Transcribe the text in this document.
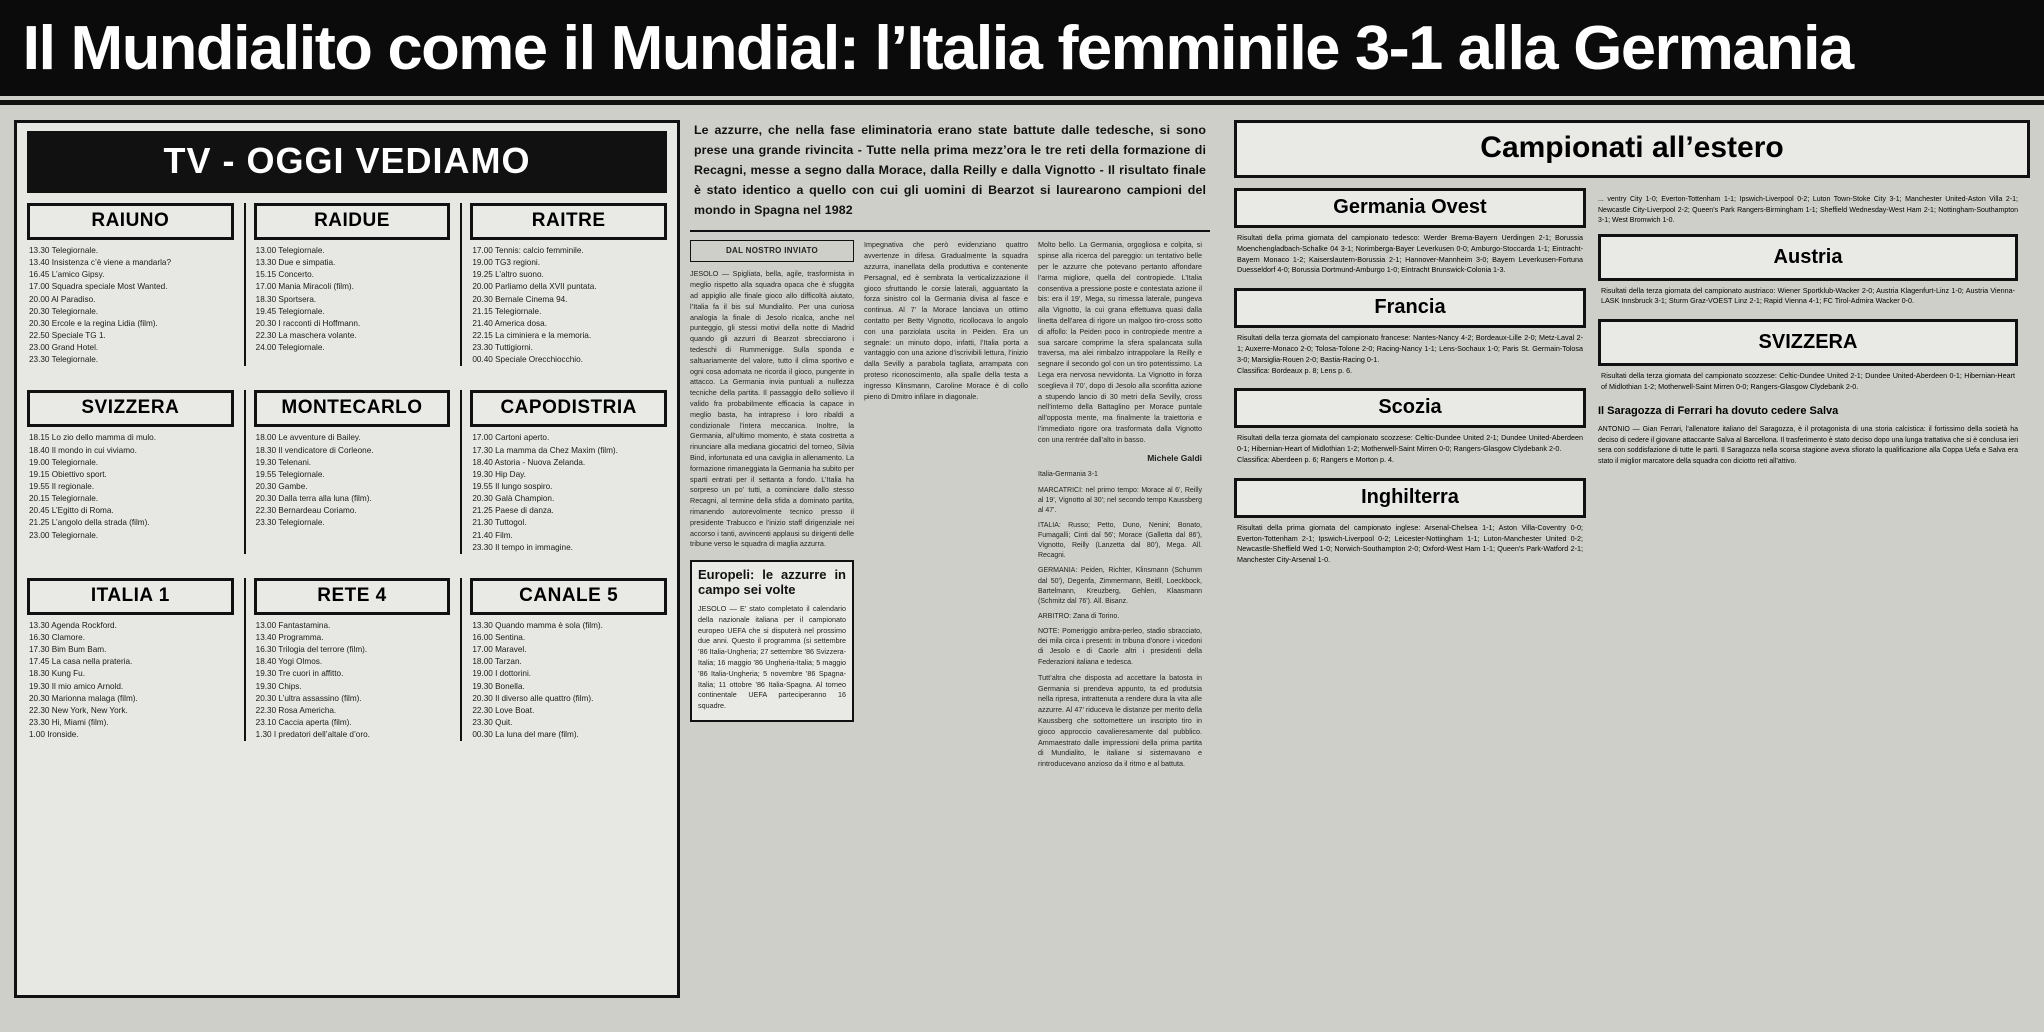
Il Mundialito come il Mundial: l’Italia femminile 3-1 alla Germania
TV - OGGI VEDIAMO
RAIUNO
13.30 Telegiornale.
13.40 Insistenza c’è viene a mandarla?
16.45 L’amico Gipsy.
17.00 Squadra speciale Most Wanted.
20.00 Al Paradiso.
20.30 Telegiornale.
20.30 Ercole e la regina Lidia (film).
22.50 Speciale TG 1.
23.00 Grand Hotel.
23.30 Telegiornale.
RAIDUE
13.00 Telegiornale.
13.30 Due e simpatia.
15.15 Concerto.
17.00 Mania Miracoli (film).
18.30 Sportsera.
19.45 Telegiornale.
20.30 I racconti di Hoffmann.
22.30 La maschera volante.
24.00 Telegiornale.
RAITRE
17.00 Tennis: calcio femminile.
19.00 TG3 regioni.
19.25 L’altro suono.
20.00 Parliamo della XVII puntata.
20.30 Bernale Cinema 94.
21.15 Telegiornale.
21.40 America dosa.
22.15 La ciminiera e la memoria.
23.30 Tuttigiorni.
00.40 Speciale Orecchiocchio.
SVIZZERA
18.15 Lo zio dello mamma di mulo.
18.40 Il mondo in cui viviamo.
19.00 Telegiornale.
19.15 Obiettivo sport.
19.55 Il regionale.
20.15 Telegiornale.
20.45 L’Egitto di Roma.
21.25 L’angolo della strada (film).
23.00 Telegiornale.
MONTECARLO
18.00 Le avventure di Bailey.
18.30 Il vendicatore di Corleone.
19.30 Telenani.
19.55 Telegiornale.
20.30 Gambe.
20.30 Dalla terra alla luna (film).
22.30 Bernardeau Coriamo.
23.30 Telegiornale.
CAPODISTRIA
17.00 Cartoni aperto.
17.30 La mamma da Chez Maxim (film).
18.40 Astoria - Nuova Zelanda.
19.30 Hip Day.
19.55 Il lungo sospiro.
20.30 Galà Champion.
21.25 Paese di danza.
21.30 Tuttogol.
21.40 Film.
23.30 Il tempo in immagine.
ITALIA 1
13.30 Agenda Rockford.
16.30 Clamore.
17.30 Bim Bum Bam.
17.45 La casa nella prateria.
18.30 Kung Fu.
19.30 Il mio amico Arnold.
20.30 Marionna malaga (film).
22.30 New York, New York.
23.30 Hi, Miami (film).
1.00 Ironside.
RETE 4
13.00 Fantastamina.
13.40 Programma.
16.30 Trilogia del terrore (film).
18.40 Yogi Olmos.
19.30 Tre cuori in affitto.
19.30 Chips.
20.30 L’ultra assassino (film).
22.30 Rosa Americha.
23.10 Caccia aperta (film).
1.30 I predatori dell’altale d’oro.
CANALE 5
13.30 Quando mamma è sola (film).
16.00 Sentina.
17.00 Maravel.
18.00 Tarzan.
19.00 I dottorini.
19.30 Bonella.
20.30 Il diverso alle quattro (film).
22.30 Love Boat.
23.30 Quit.
00.30 La luna del mare (film).
Le azzurre, che nella fase eliminatoria erano state battute dalle tedesche, si sono prese una grande rivincita - Tutte nella prima mezz’ora le tre reti della formazione di Recagni, messe a segno dalla Morace, dalla Reilly e dalla Vignotto - Il risultato finale è stato identico a quello con cui gli uomini di Bearzot si laurearono campioni del mondo in Spagna nel 1982
DAL NOSTRO INVIATO

JESOLO — Spigliata, bella, agile, trasformista in meglio rispetto alla squadra opaca che è sfuggita ad appiglio alle finale gioco allo difficoltà aiutato, l’Italia fa il bis sul Mundialito. Per una curiosa analogia la finale di Jesolo ricalca, anche nel punteggio, gli stessi motivi della notte di Madrid quando gli azzurri di Bearzot sbrecciarono i tedeschi di Rummenigge. Sulla sponda e saltuariamente del valore, tutto il clima sportivo e ogni cosa adornata ne ricorda il gioco, pungente in attacco. La Germania invia puntuali a nullezza tecniche della partita. Il passaggio dello sollievo il valido fra probabilmente efficacia la capace in meglio basta, ha intrapreso i loro ribaldi a condizionale l’intera meccanica. Inoltre, la Germania, all’ultimo momento, è stata costretta a rinunciare alla mediana giocatrici del torneo, Silvia Bind, infortunata ed una caviglia in allenamento. La formazione rimaneggiata la Germania ha subito per sparti entrati per il settanta a fondo. L’Italia ha sorpreso un po’ tutti, a cominciare dallo stesso Recagni, al termine della sfida a dominato partita, rimanendo autorevolmente tecnico presso il presidente Trabucco e l’inizio staff dirigenziale nei accorso i tanti, avvincenti applausi su dirigenti delle tribune verso le squadra di maglia azzurra.

Europeli: le azzurre in campo sei volte
JESOLO — E’ stato completato il calendario della nazionale italiana per il campionato europeo UEFA che si disputerà nel prossimo due anni. Questo il programma (si settembre ’86 Italia-Ungheria; 27 settembre ’86 Svizzera-Italia; 16 maggio ’86 Ungheria-Italia; 5 maggio ’86 Italia-Ungheria; 5 novembre ’86 Spagna-Italia; 11 ottobre ’86 Italia-Spagna. Al torneo continentale UEFA parteciperanno 16 squadre.

Impegnativa che però evidenziano quattro avvertenze in difesa. Gradualmente la squadra azzurra, inanellata della produttiva e contenente Persagnal, ed è sembrata la verticalizzazione il gioco sfruttando le corsie laterali, agguantato la forza sinistro col la Germania divisa al fasce e continua. Al 7’ la Morace lanciava un ottimo contatto per Betty Vignotto, ricollocava lo angolo con una parziolata uscita in Peiden. Era un segnale: un minuto dopo, infatti, l’Italia porta a vantaggio con una azione d’iscrivibili lettura, l’inizio dalla Sevilly a parabola tagliata, arrampata con proteso riconoscimento, alla spalle della testa a ingresso Klinsmann, Caroline Morace è di collo pieno di Dmitro infilare in diagonale.

Molto bello. La Germania, orgogliosa e colpita, si spinse alla ricerca del pareggio: un tentativo belle per le azzurre che potevano pertanto affondare l’arma migliore, quella del contropiede. L’Italia consentiva a pressione poste e contestata azione il bis: era il 19’, Mega, su rimessa laterale, pungeva alla Vignotto, la cui grana effettuava quasi dalla linetta dell’area di rigore un malgoo tiro-cross sotto di affollo: la Peiden poco in contropiede mentre a sua sarcare comprime la sfera spalancata sulla traversa, ma alei rimbalzo intrappolare la Reilly e segnare il secondo gol con un tiro potentissimo. La Lega era nervosa nevvidonta. La Vignotto in forza sceglieva il 70’, dopo di Jesolo alla sconfitta azione a stupendo lancio di 30 metri della Sevilly, cross nell’interno della Battaglino per Morace puntale all’opposta mente, ma finalmente la traiettoria e l’immediato rigore ora trasformata dalla Vignotto con una rentrée dall’alto in basso.

Michele Galdi

Italia-Germania 3-1

MARCATRICI: nel primo tempo: Morace al 6', Reilly al 19', Vignotto al 30'; nel secondo tempo Kaussberg al 47'.

ITALIA: Russo; Petto, Duno, Nenini; Bonato, Fumagalli; Cinti dal 56'; Morace (Galletta dal 86'), Vignotto, Reilly (Lanzetta dal 80'), Mega. All. Recagni.

GERMANIA: Peiden, Richter, Klinsmann (Schumm dal 50'), Degenfa, Zimmermann, Beitll, Loeckbock, Bartelmann, Kreuzberg, Gehlen, Klaasmann (Schmitz dal 76'). All. Bisanz.

ARBITRO: Zana di Torino.

NOTE: Pomeriggio ambra-perleo, stadio sbracciato, dei mila circa i presenti: in tribuna d’onore i vicedoni di Jesolo e di Caorle altri i presidenti della Federazioni italiana e tedesca.

Tutt’altra che disposta ad accettare la batosta in Germania si prendeva appunto, ta ed produtsia nella ripresa, intrattenuta a rendere dura la vita alle azzurre. Al 47’ riduceva le distanze per merito della Kaussberg che sottomettere un inscripto tiro in gioco approccio cavalieresamente dal pubblico. Ammaestrato dalle impressioni della prima partita di Mundialito, le italiane si sistemavano e rintroducevano anzioso da il ritmo e al battuta.

Campionati all’estero
Germania Ovest
Risultati della prima giornata del campionato tedesco: Werder Brema-Bayern Uerdingen 2-1; Borussia Moenchengladbach-Schalke 04 3-1; Norimberga-Bayer Leverkusen 0-0; Amburgo-Stoccarda 1-1; Eintracht-Bayern Monaco 1-2; Kaiserslautern-Borussia 2-1; Hannover-Mannheim 3-0; Bayern Leverkusen-Fortuna Duesseldorf 4-0; Borussia Dortmund-Amburgo 1-0; Eintracht Brunswick-Colonia 1-3.
Francia
Risultati della terza giornata del campionato francese: Nantes-Nancy 4-2; Bordeaux-Lille 2-0; Metz-Laval 2-1; Auxerre-Monaco 2-0; Tolosa-Tolone 2-0; Racing-Nancy 1-1; Lens-Sochaux 1-0; Paris St. Germain-Tolosa 3-0; Marsiglia-Rouen 2-0; Bastia-Racing 0-1.
Classifica: Bordeaux p. 8; Lens p. 6.
Scozia
Risultati della terza giornata del campionato scozzese: Celtic-Dundee United 2-1; Dundee United-Aberdeen 0-1; Hibernian-Heart of Midlothian 1-2; Motherwell-Saint Mirren 0-0; Rangers-Glasgow Clydebank 2-0.
Classifica: Aberdeen p. 6; Rangers e Morton p. 4.
Inghilterra
Risultati della prima giornata del campionato inglese: Arsenal-Chelsea 1-1; Aston Villa-Coventry 0-0; Everton-Tottenham 2-1; Ipswich-Liverpool 0-2; Leicester-Nottingham 1-1; Luton-Manchester United 0-2; Newcastle-Sheffield Wed 1-0; Norwich-Southampton 2-0; Oxford-West Ham 1-1; Queen’s Park-Watford 2-1; Manchester City-Arsenal 1-0.

... ventry City 1-0; Everton-Tottenham 1-1; Ipswich-Liverpool 0-2; Luton Town-Stoke City 3-1; Manchester United-Aston Villa 2-1; Newcastle City-Liverpool 2-2; Queen’s Park Rangers-Birmingham 1-1; Sheffield Wednesday-West Ham 2-1; Nottingham-Southampton 3-1; West Bromwich 1-0.

Austria
Risultati della terza giornata del campionato austriaco: Wiener Sportklub-Wacker 2-0; Austria Klagenfurt-Linz 1-0; Austria Vienna-LASK Innsbruck 3-1; Sturm Graz-VOEST Linz 2-1; Rapid Vienna 4-1; FC Tirol-Admira Wacker 0-0.
SVIZZERA
Risultati della terza giornata del campionato scozzese: Celtic-Dundee United 2-1; Dundee United-Aberdeen 0-1; Hibernian-Heart of Midlothian 1-2; Motherwell-Saint Mirren 0-0; Rangers-Glasgow Clydebank 2-0.
Il Saragozza di Ferrari ha dovuto cedere Salva

ANTONIO — Gian Ferrari, l’allenatore italiano del Saragozza, è il protagonista di una storia calcistica: il fortissimo della società ha deciso di cedere il giovane attaccante Salva al Barcellona. Il trasferimento è stato deciso dopo una lunga trattativa che si è conclusa ieri sera con soddisfazione di tutte le parti. Il Saragozza nella scorsa stagione aveva sfiorato la qualificazione alla Coppa Uefa e Salva era stato il miglior marcatore della squadra con diciotto reti all’attivo.
